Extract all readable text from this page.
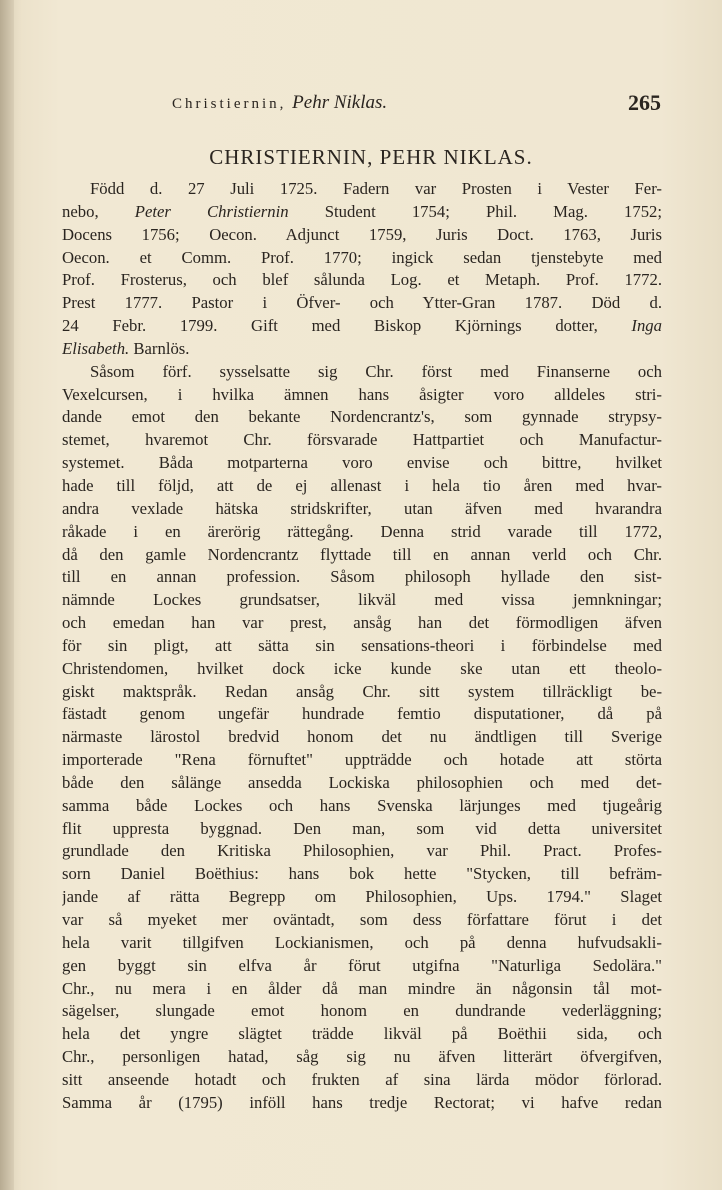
Christiernin, Pehr Niklas.	265
CHRISTIERNIN, PEHR NIKLAS.
Född d. 27 Juli 1725. Fadern var Prosten i Vester Fer-
nebo, Peter Christiernin Student 1754; Phil. Mag. 1752;
Docens 1756; Oecon. Adjunct 1759, Juris Doct. 1763, Juris
Oecon. et Comm. Prof. 1770; ingick sedan tjenstebyte med
Prof. Frosterus, och blef sålunda Log. et Metaph. Prof. 1772.
Prest 1777. Pastor i Öfver- och Ytter-Gran 1787. Död d.
24 Febr. 1799. Gift med Biskop Kjörnings dotter, Inga
Elisabeth. Barnlös.
Såsom förf. sysselsatte sig Chr. först med Finanserne och
Vexelcursen, i hvilka ämnen hans åsigter voro alldeles stri-
dande emot den bekante Nordencrantz's, som gynnade strypsy-
stemet, hvaremot Chr. försvarade Hattpartiet och Manufactur-
systemet. Båda motparterna voro envise och bittre, hvilket
hade till följd, att de ej allenast i hela tio åren med hvar-
andra vexlade hätska stridskrifter, utan äfven med hvarandra
råkade i en ärerörig rättegång. Denna strid varade till 1772,
då den gamle Nordencrantz flyttade till en annan verld och Chr.
till en annan profession. Såsom philosoph hyllade den sist-
nämnde Lockes grundsatser, likväl med vissa jemnkningar;
och emedan han var prest, ansåg han det förmodligen äfven
för sin pligt, att sätta sin sensations-theori i förbindelse med
Christendomen, hvilket dock icke kunde ske utan ett theolo-
giskt maktspråk. Redan ansåg Chr. sitt system tillräckligt be-
fästadt genom ungefär hundrade femtio disputationer, då på
närmaste lärostol bredvid honom det nu ändtligen till Sverige
importerade "Rena förnuftet" uppträdde och hotade att störta
både den sålänge ansedda Lockiska philosophien och med det-
samma både Lockes och hans Svenska lärjunges med tjugeårig
flit uppresta byggnad. Den man, som vid detta universitet
grundlade den Kritiska Philosophien, var Phil. Pract. Profes-
sorn Daniel Boëthius: hans bok hette "Stycken, till befräm-
jande af rätta Begrepp om Philosophien, Ups. 1794." Slaget
var så myeket mer oväntadt, som dess författare förut i det
hela varit tillgifven Lockianismen, och på denna hufvudsakli-
gen byggt sin elfva år förut utgifna "Naturliga Sedolära."
Chr., nu mera i en ålder då man mindre än någonsin tål mot-
sägelser, slungade emot honom en dundrande vederläggning;
hela det yngre slägtet trädde likväl på Boëthii sida, och
Chr., personligen hatad, såg sig nu äfven litterärt öfvergifven,
sitt anseende hotadt och frukten af sina lärda mödor förlorad.
Samma år (1795) inföll hans tredje Rectorat; vi hafve redan
